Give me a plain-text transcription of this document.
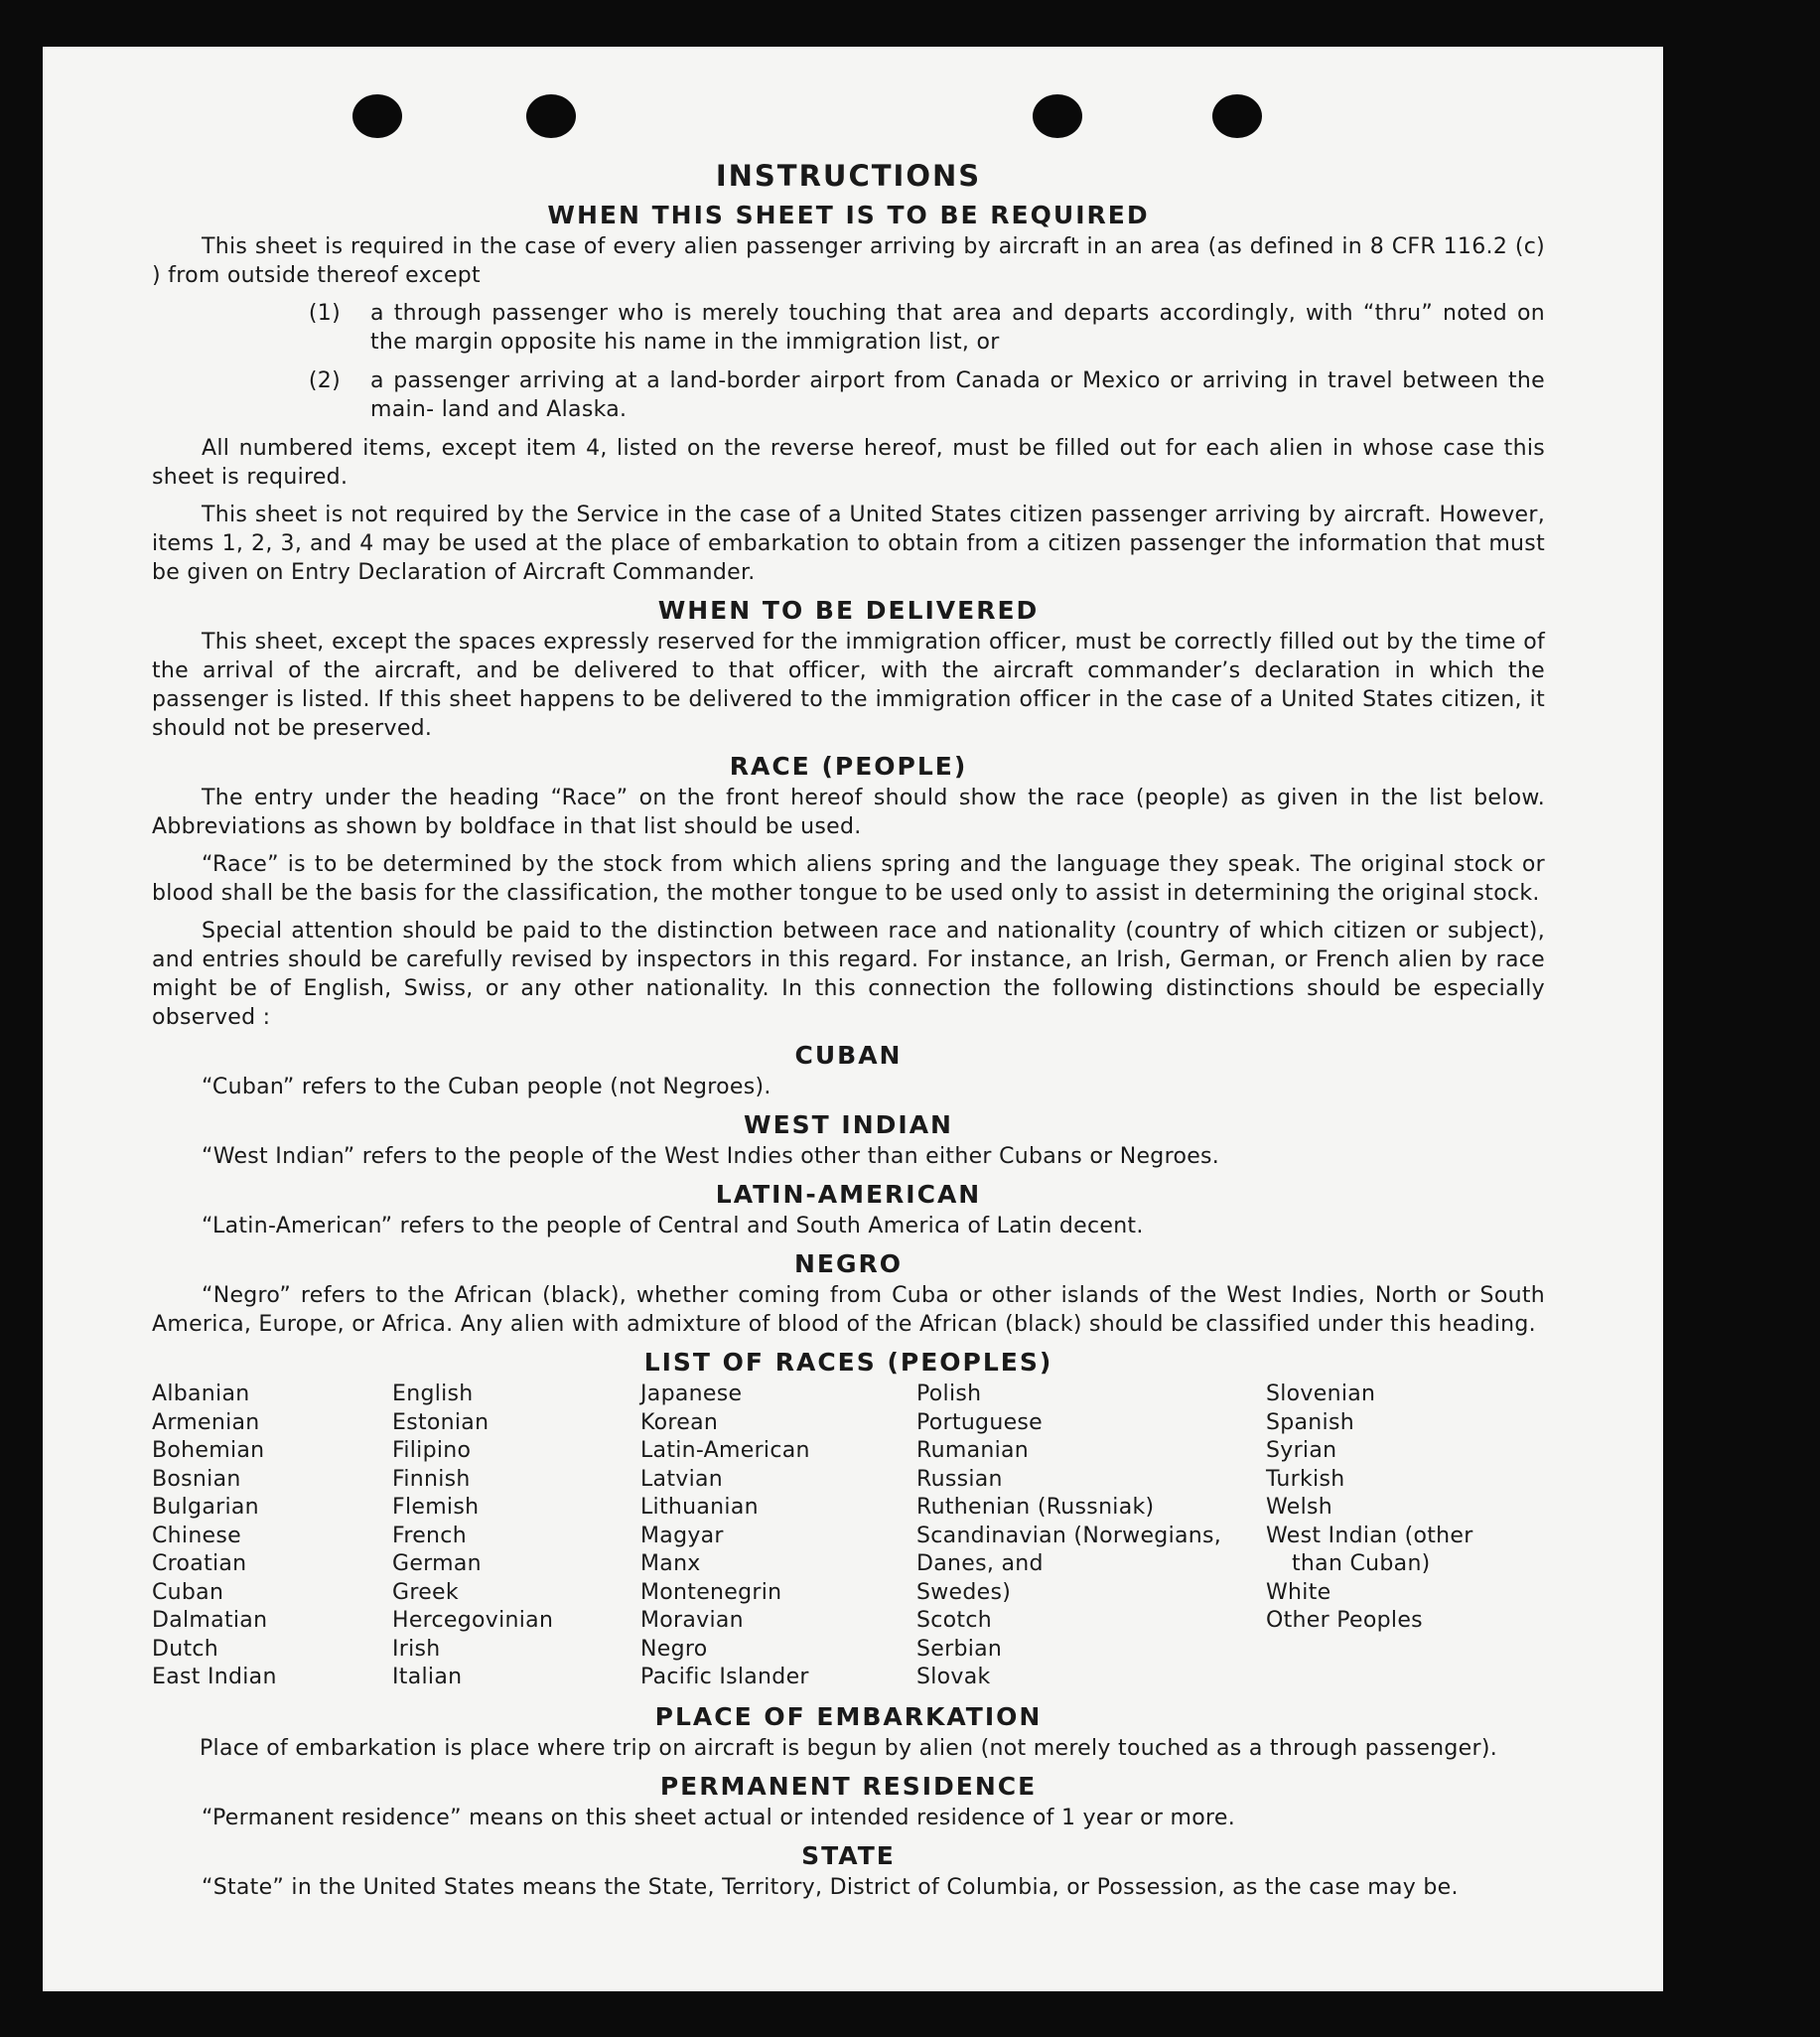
INSTRUCTIONS
WHEN THIS SHEET IS TO BE REQUIRED

This sheet is required in the case of every alien passenger arriving by aircraft in an area (as defined in 8 CFR 116.2 (c) ) from outside thereof except

(1)	a through passenger who is merely touching that area and departs accordingly, with “thru” noted on the margin opposite his name in the immigration list, or
(2)	a passenger arriving at a land-border airport from Canada or Mexico or arriving in travel between the main- land and Alaska.

All numbered items, except item 4, listed on the reverse hereof, must be filled out for each alien in whose case this sheet is required.

This sheet is not required by the Service in the case of a United States citizen passenger arriving by aircraft. However, items 1, 2, 3, and 4 may be used at the place of embarkation to obtain from a citizen passenger the information that must be given on Entry Declaration of Aircraft Commander.

WHEN TO BE DELIVERED

This sheet, except the spaces expressly reserved for the immigration officer, must be correctly filled out by the time of the arrival of the aircraft, and be delivered to that officer, with the aircraft commander’s declaration in which the passenger is listed. If this sheet happens to be delivered to the immigration officer in the case of a United States citizen, it should not be preserved.

RACE (PEOPLE)

The entry under the heading “Race” on the front hereof should show the race (people) as given in the list below. Abbreviations as shown by boldface in that list should be used.

“Race” is to be determined by the stock from which aliens spring and the language they speak. The original stock or blood shall be the basis for the classification, the mother tongue to be used only to assist in determining the original stock.

Special attention should be paid to the distinction between race and nationality (country of which citizen or subject), and entries should be carefully revised by inspectors in this regard. For instance, an Irish, German, or French alien by race might be of English, Swiss, or any other nationality. In this connection the following distinctions should be especially observed :

CUBAN

“Cuban” refers to the Cuban people (not Negroes).

WEST INDIAN

“West Indian” refers to the people of the West Indies other than either Cubans or Negroes.

LATIN-AMERICAN

“Latin-American” refers to the people of Central and South America of Latin decent.

NEGRO

“Negro” refers to the African (black), whether coming from Cuba or other islands of the West Indies, North or South America, Europe, or Africa. Any alien with admixture of blood of the African (black) should be classified under this heading.

LIST OF RACES (PEOPLES)
Albanian
Armenian
Bohemian
Bosnian
Bulgarian
Chinese
Croatian
Cuban
Dalmatian
Dutch
East Indian
English
Estonian
Filipino
Finnish
Flemish
French
German
Greek
Hercegovinian
Irish
Italian
Japanese
Korean
Latin-American
Latvian
Lithuanian
Magyar
Manx
Montenegrin
Moravian
Negro
Pacific Islander
Polish
Portuguese
Rumanian
Russian
Ruthenian (Russniak)
Scandinavian (Norwegians,
Danes, and
Swedes)
Scotch
Serbian
Slovak
Slovenian
Spanish
Syrian
Turkish
Welsh
West Indian (other
than Cuban)
White
Other Peoples
PLACE OF EMBARKATION

Place of embarkation is place where trip on aircraft is begun by alien (not merely touched as a through passenger).

PERMANENT RESIDENCE

“Permanent residence” means on this sheet actual or intended residence of 1 year or more.

STATE

“State” in the United States means the State, Territory, District of Columbia, or Possession, as the case may be.
